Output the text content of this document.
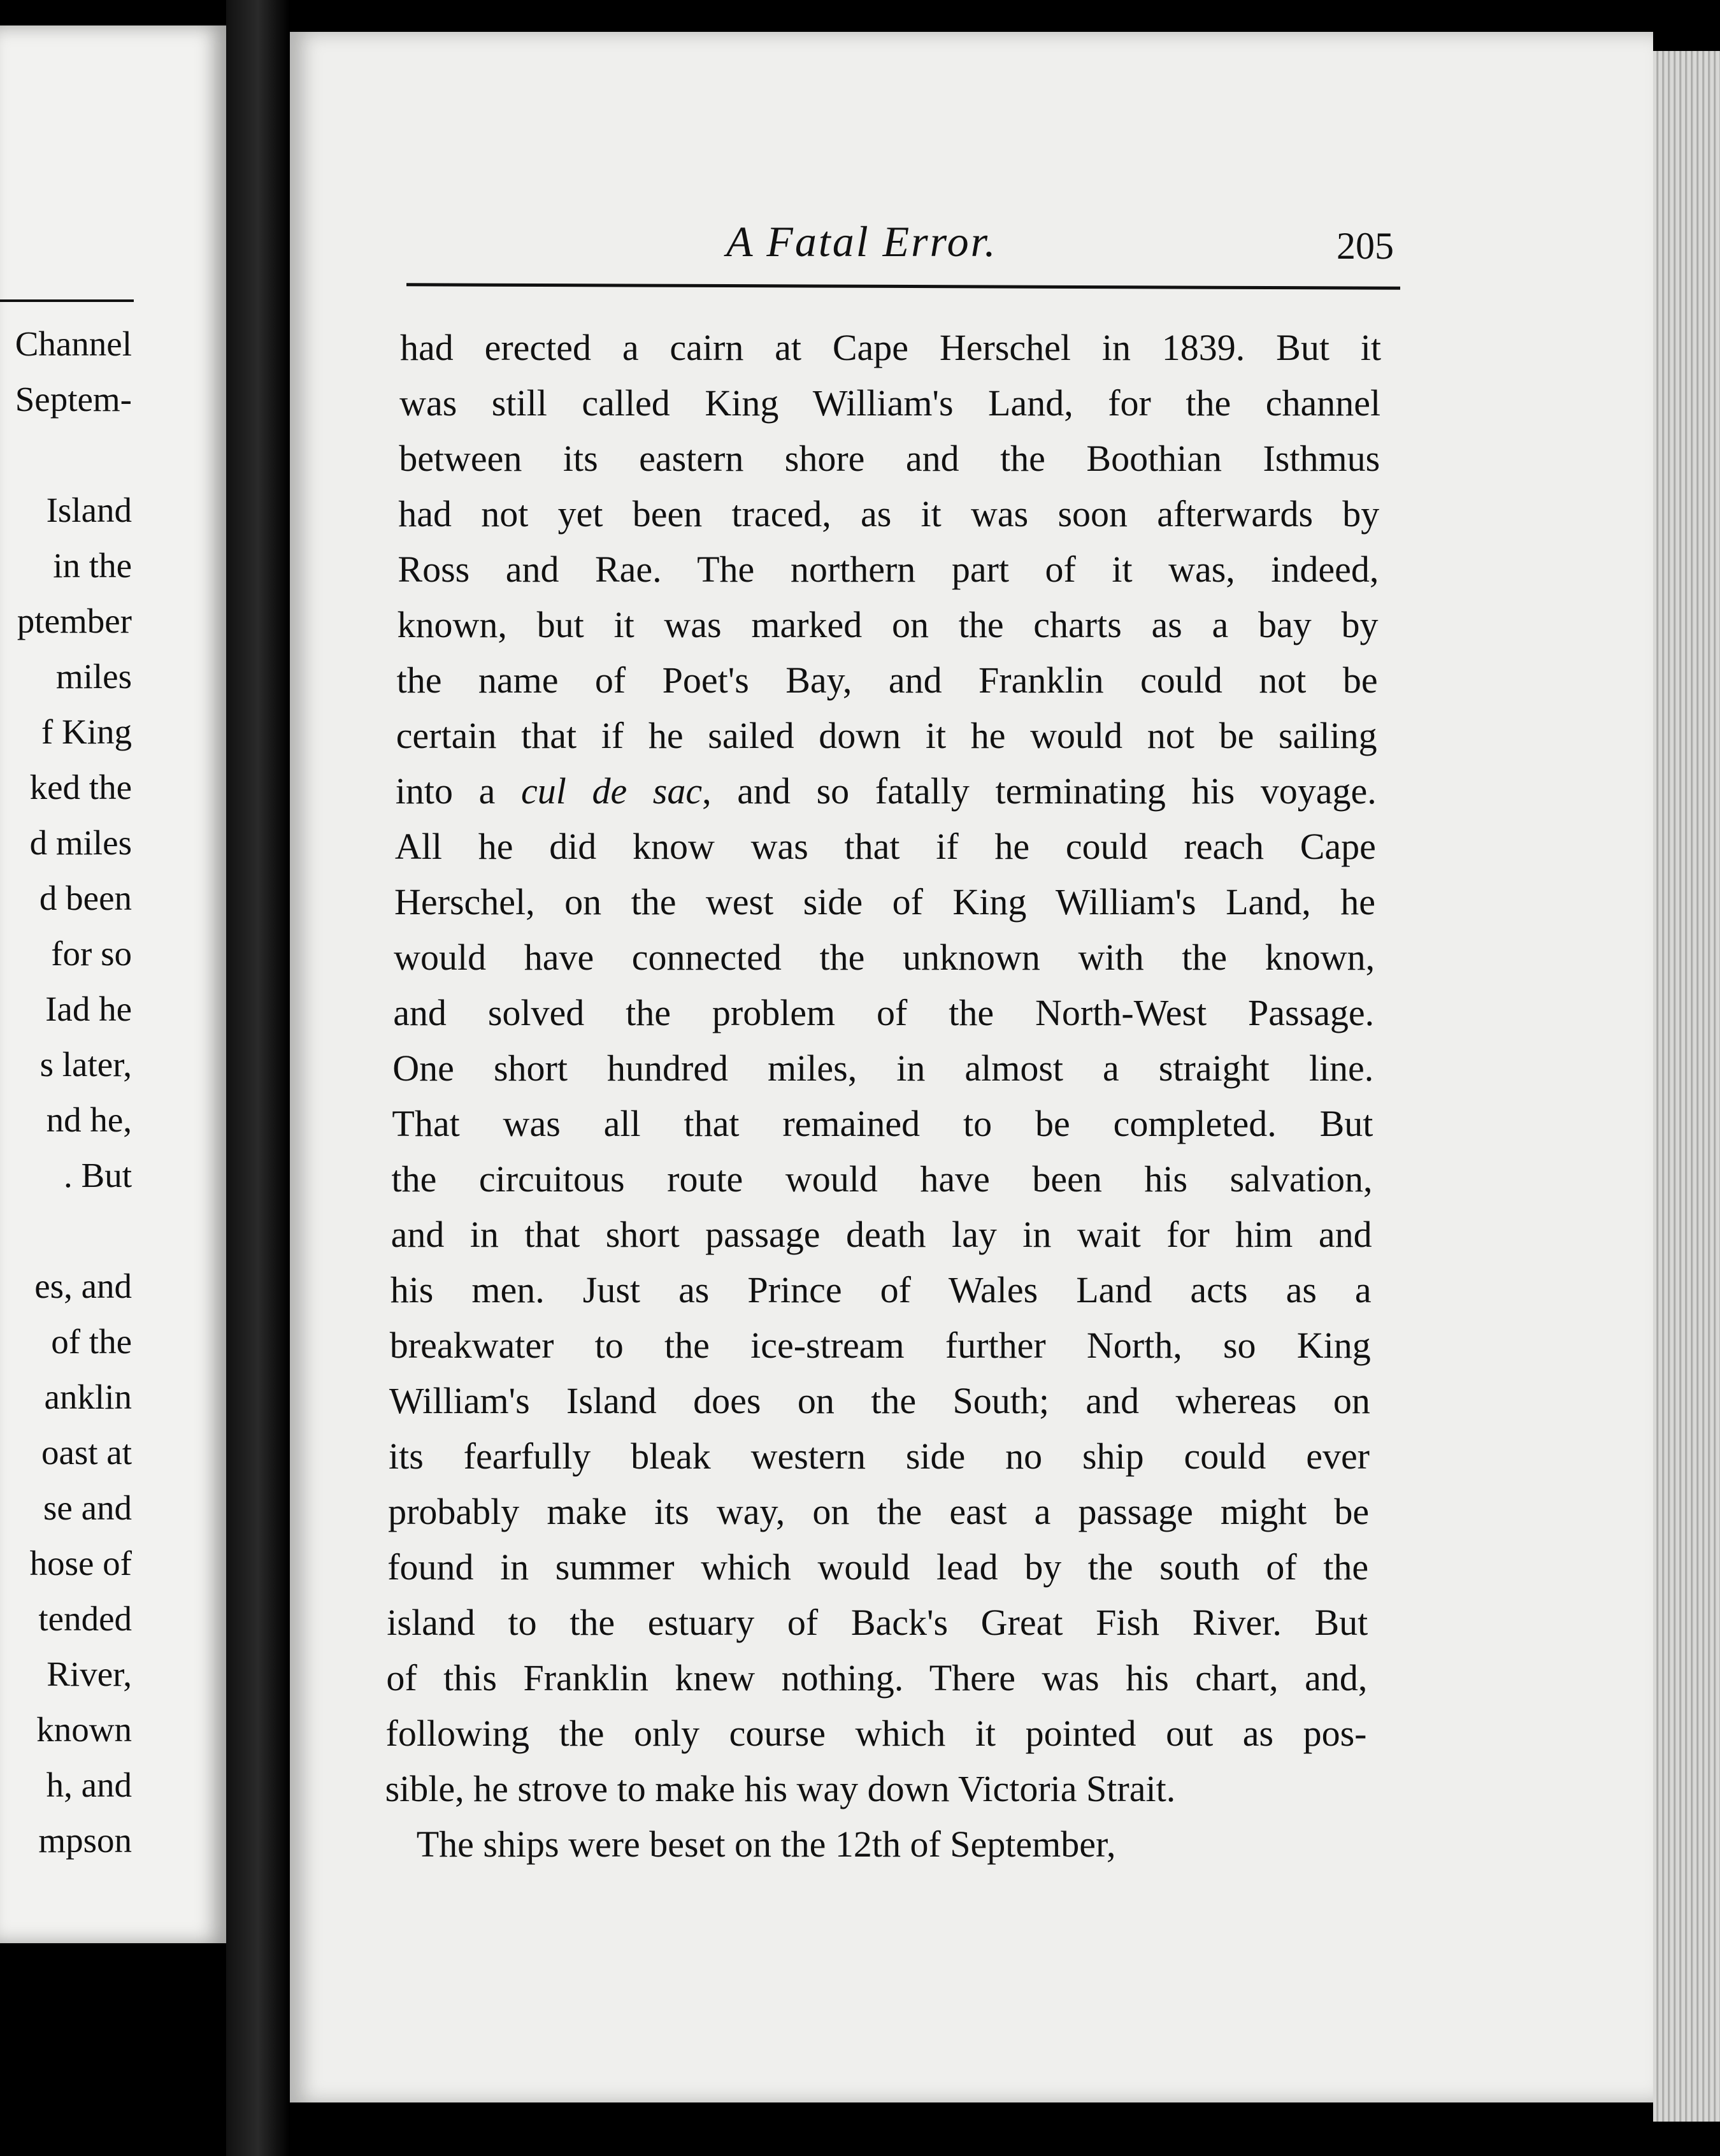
Channel
Septem-
Island
in the
ptember
miles
f King
ked the
d miles
d been
for so
Iad he
s later,
nd he,
. But
es, and
of the
anklin
oast at
se and
hose of
tended
River,
known
h, and
mpson
A Fatal Error.	205
had erected a cairn at Cape Herschel in 1839. But it
was still called King William's Land, for the channel
between its eastern shore and the Boothian Isthmus
had not yet been traced, as it was soon afterwards by
Ross and Rae. The northern part of it was, indeed,
known, but it was marked on the charts as a bay by
the name of Poet's Bay, and Franklin could not be
certain that if he sailed down it he would not be sailing
into a cul de sac, and so fatally terminating his voyage.
All he did know was that if he could reach Cape
Herschel, on the west side of King William's Land, he
would have connected the unknown with the known,
and solved the problem of the North-West Passage.
One short hundred miles, in almost a straight line.
That was all that remained to be completed. But
the circuitous route would have been his salvation,
and in that short passage death lay in wait for him and
his men. Just as Prince of Wales Land acts as a
breakwater to the ice-stream further North, so King
William's Island does on the South; and whereas on
its fearfully bleak western side no ship could ever
probably make its way, on the east a passage might be
found in summer which would lead by the south of the
island to the estuary of Back's Great Fish River. But
of this Franklin knew nothing. There was his chart, and,
following the only course which it pointed out as pos-
sible, he strove to make his way down Victoria Strait.
The ships were beset on the 12th of September,
